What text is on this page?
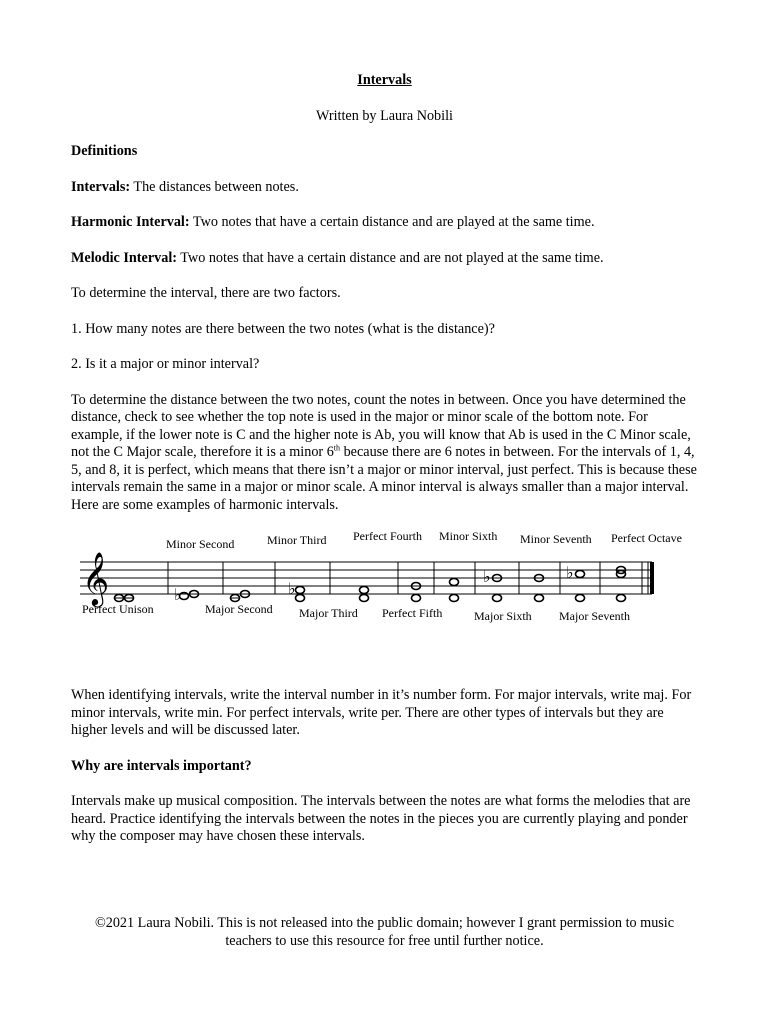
Intervals
Written by Laura Nobili
Definitions
Intervals: The distances between notes.
Harmonic Interval: Two notes that have a certain distance and are played at the same time.
Melodic Interval: Two notes that have a certain distance and are not played at the same time.
To determine the interval, there are two factors.
1. How many notes are there between the two notes (what is the distance)?
2. Is it a major or minor interval?
To determine the distance between the two notes, count the notes in between. Once you have determined the distance, check to see whether the top note is used in the major or minor scale of the bottom note. For example, if the lower note is C and the higher note is Ab, you will know that Ab is used in the C Minor scale, not the C Major scale, therefore it is a minor 6th because there are 6 notes in between. For the intervals of 1, 4, 5, and 8, it is perfect, which means that there isn’t a major or minor interval, just perfect. This is because these intervals remain the same in a major or minor scale. A minor interval is always smaller than a major interval. Here are some examples of harmonic intervals.
𝄞	♭	♭
♭	♭
Minor Second	Minor Third Perfect Fourth Minor Sixth Minor Seventh Perfect Octave
Perfect Unison	Major Second Major Third Perfect Fifth	Major Sixth Major Seventh
When identifying intervals, write the interval number in it’s number form. For major intervals, write maj. For minor intervals, write min. For perfect intervals, write per. There are other types of intervals but they are higher levels and will be discussed later.
Why are intervals important?
Intervals make up musical composition. The intervals between the notes are what forms the melodies that are heard. Practice identifying the intervals between the notes in the pieces you are currently playing and ponder why the composer may have chosen these intervals.
©2021 Laura Nobili. This is not released into the public domain; however I grant permission to music teachers to use this resource for free until further notice.
